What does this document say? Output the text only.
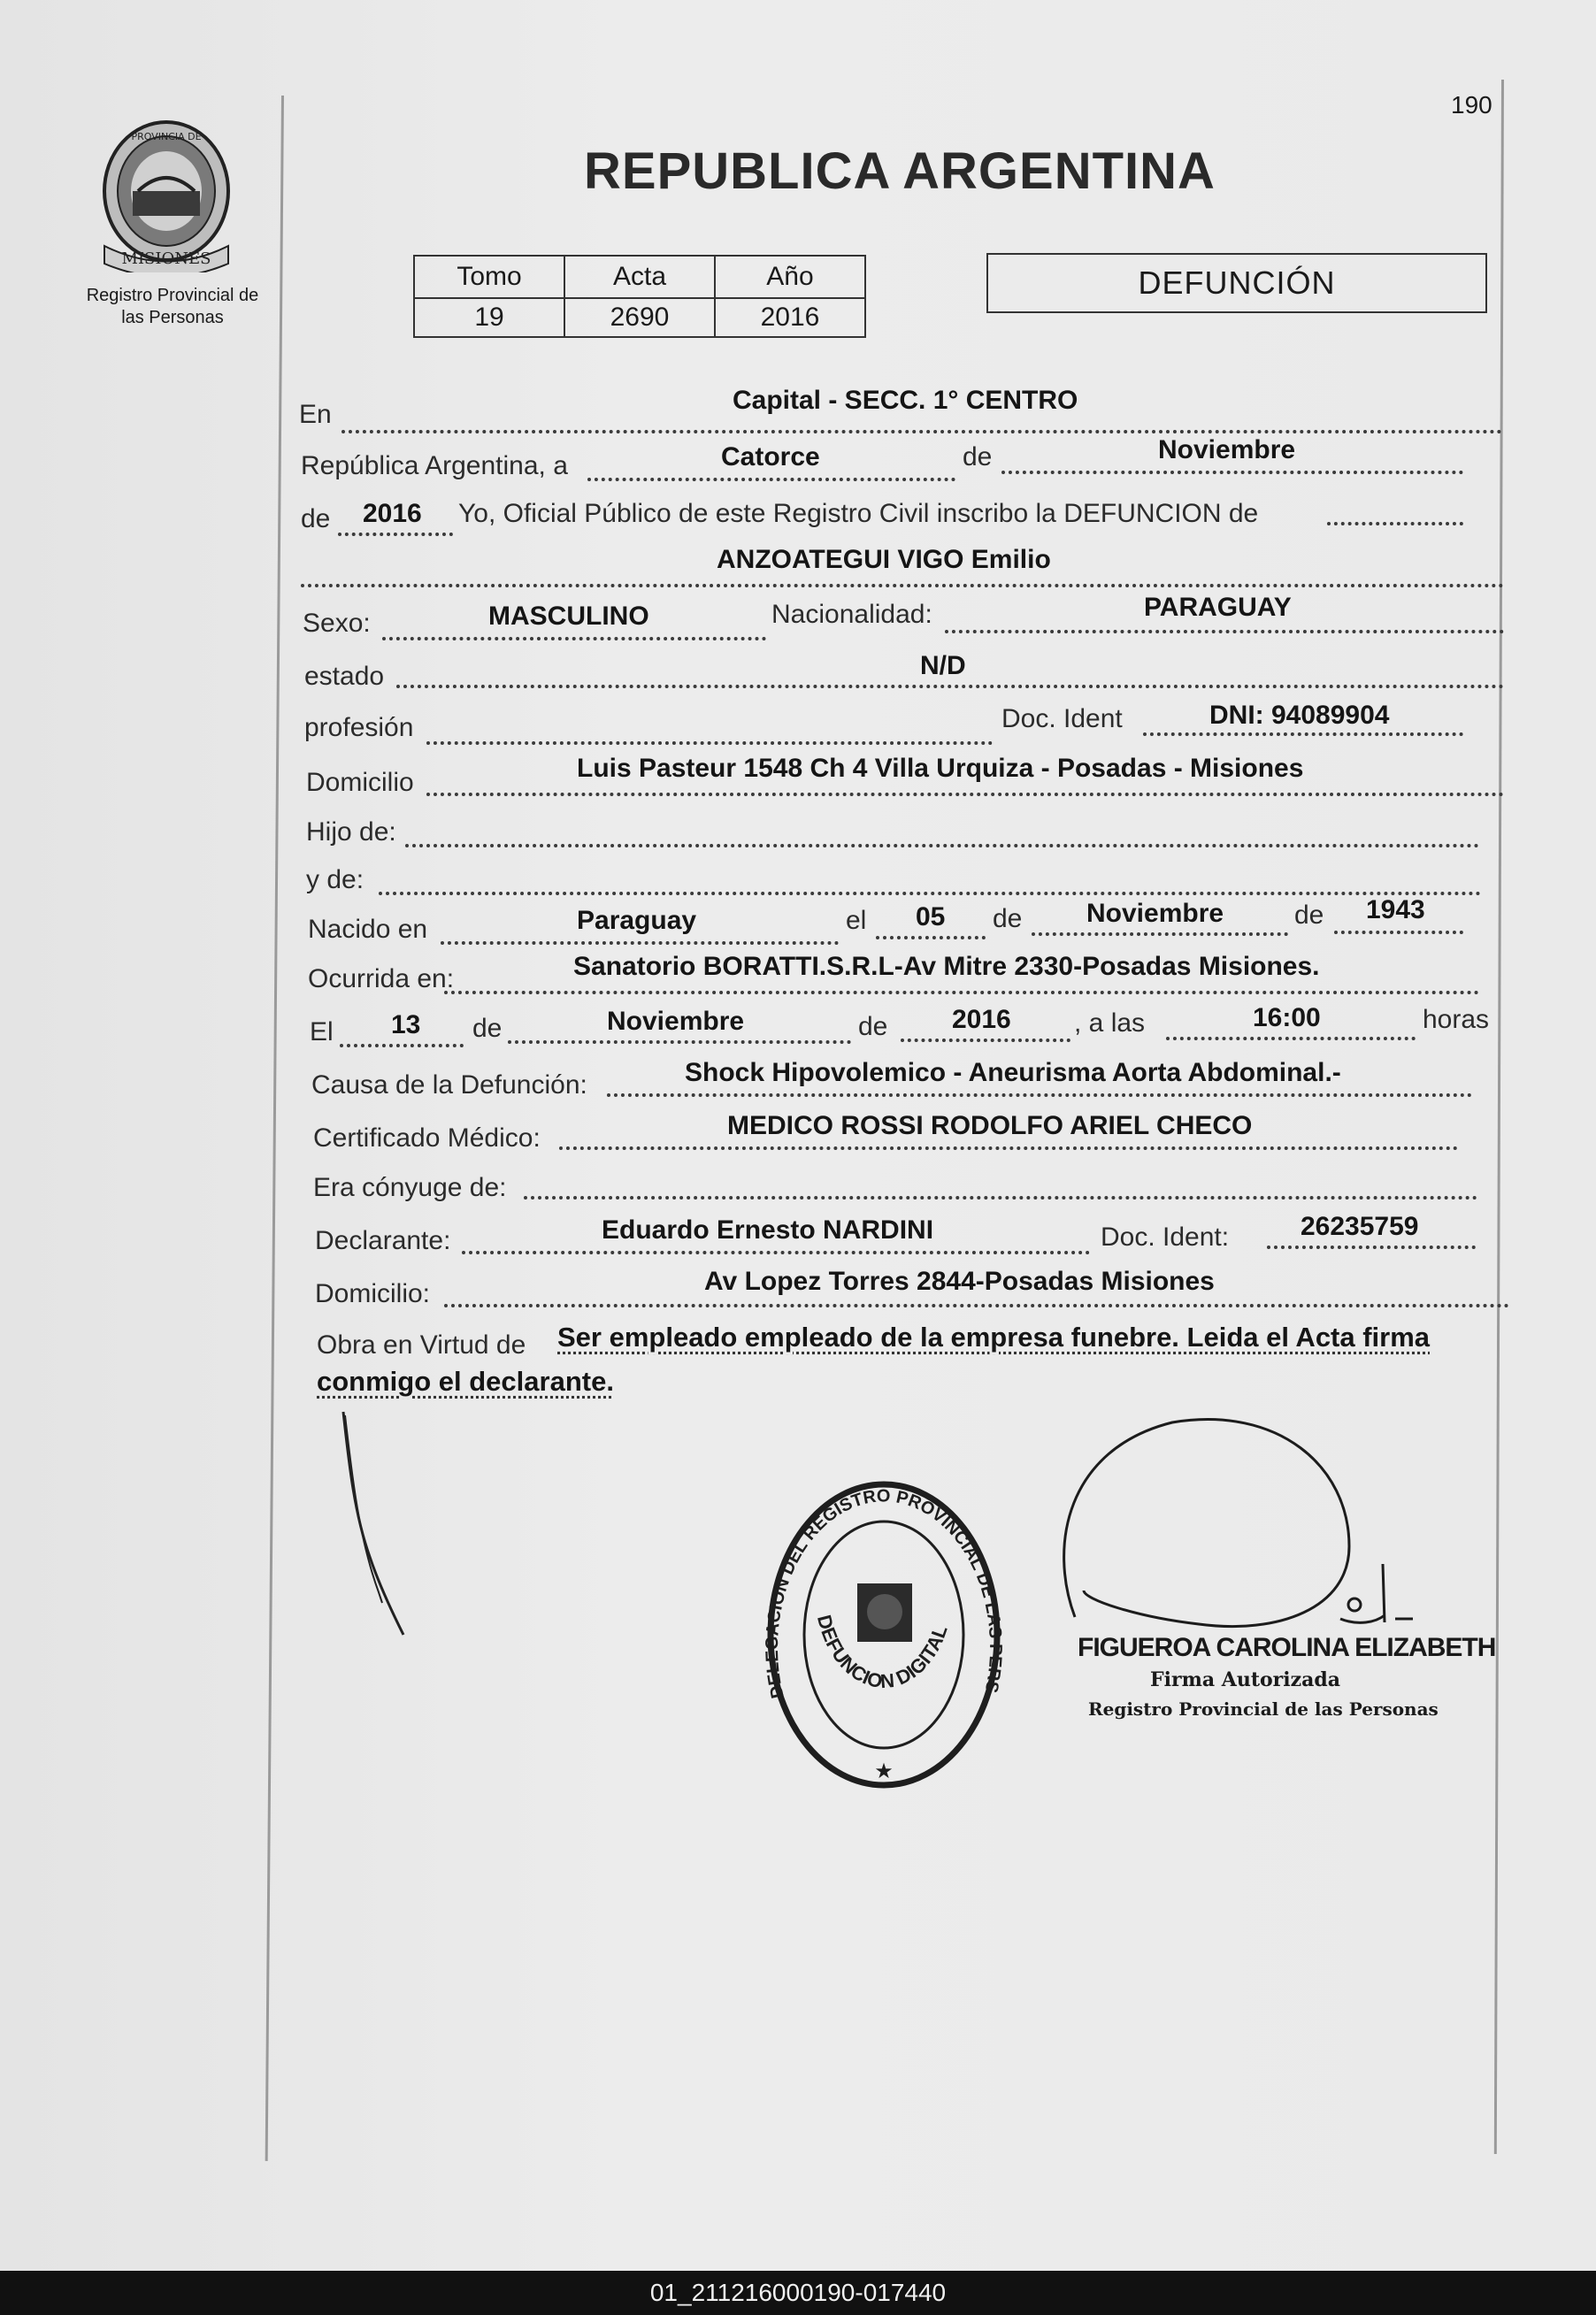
190
MISIONES
PROVINCIA DE
Registro Provincial de
las Personas
REPUBLICA ARGENTINA
Tomo	Acta	Año
19	2690	2016
DEFUNCIÓN
En	Capital - SECC. 1° CENTRO
República Argentina, a	Catorce	de	Noviembre
de 2016 Yo, Oficial Público de este Registro Civil inscribo la DEFUNCION de
ANZOATEGUI VIGO Emilio
Sexo:	MASCULINO	Nacionalidad:	PARAGUAY
estado	N/D
profesión	Doc. Ident	DNI: 94089904
Domicilio	Luis Pasteur 1548 Ch 4 Villa Urquiza - Posadas - Misiones
Hijo de:
y de:
Nacido en	Paraguay	el 05 de Noviembre	de 1943
Ocurrida en:	Sanatorio BORATTI.S.R.L-Av Mitre 2330-Posadas Misiones.
El 13 de	Noviembre	de 2016 , a las	16:00	horas
Causa de la Defunción:	Shock Hipovolemico - Aneurisma Aorta Abdominal.-
Certificado Médico:	MEDICO ROSSI RODOLFO ARIEL CHECO
Era cónyuge de:
Declarante:	Eduardo Ernesto NARDINI	Doc. Ident:	26235759
Domicilio:	Av Lopez Torres 2844-Posadas Misiones
Obra en Virtud de Ser empleado empleado de la empresa funebre. Leida el Acta firma
conmigo el declarante.
DELEGACION DEL REGISTRO PROVINCIAL DE LAS PERS
DEFUNCION DIGITAL
★
FIGUEROA CAROLINA ELIZABETH
Firma Autorizada
Registro Provincial de las Personas
01_211216000190-017440
